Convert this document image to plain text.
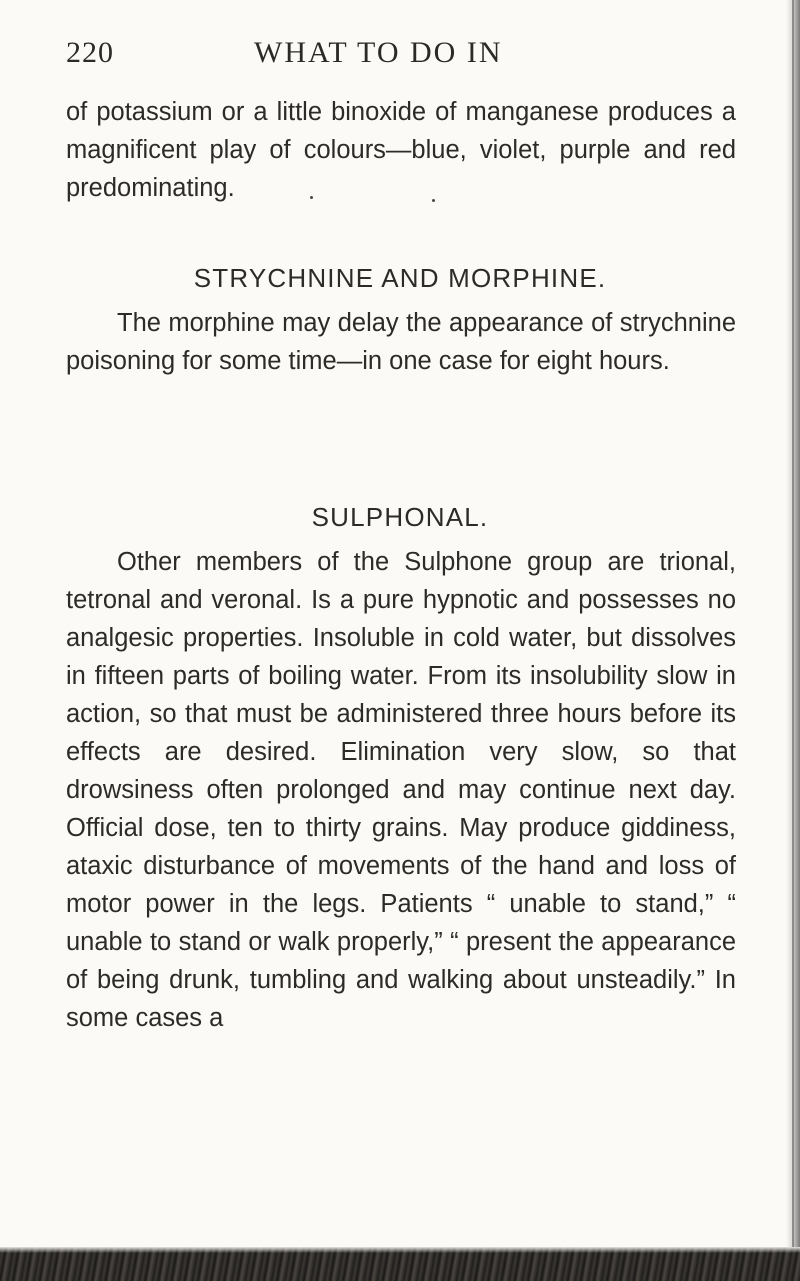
220	WHAT TO DO IN
of potassium or a little binoxide of manganese produces a magnificent play of colours—blue, violet, purple and red predominating.
STRYCHNINE AND MORPHINE.
The morphine may delay the appearance of strychnine poisoning for some time—in one case for eight hours.
SULPHONAL.
Other members of the Sulphone group are trional, tetronal and veronal. Is a pure hypnotic and possesses no analgesic properties. Insoluble in cold water, but dissolves in fifteen parts of boiling water. From its insolubility slow in action, so that must be administered three hours before its effects are desired. Elimination very slow, so that drowsiness often prolonged and may continue next day. Official dose, ten to thirty grains. May produce giddiness, ataxic disturbance of movements of the hand and loss of motor power in the legs. Patients “ unable to stand,” “ unable to stand or walk properly,” “ present the appearance of being drunk, tumbling and walking about unsteadily.” In some cases a
